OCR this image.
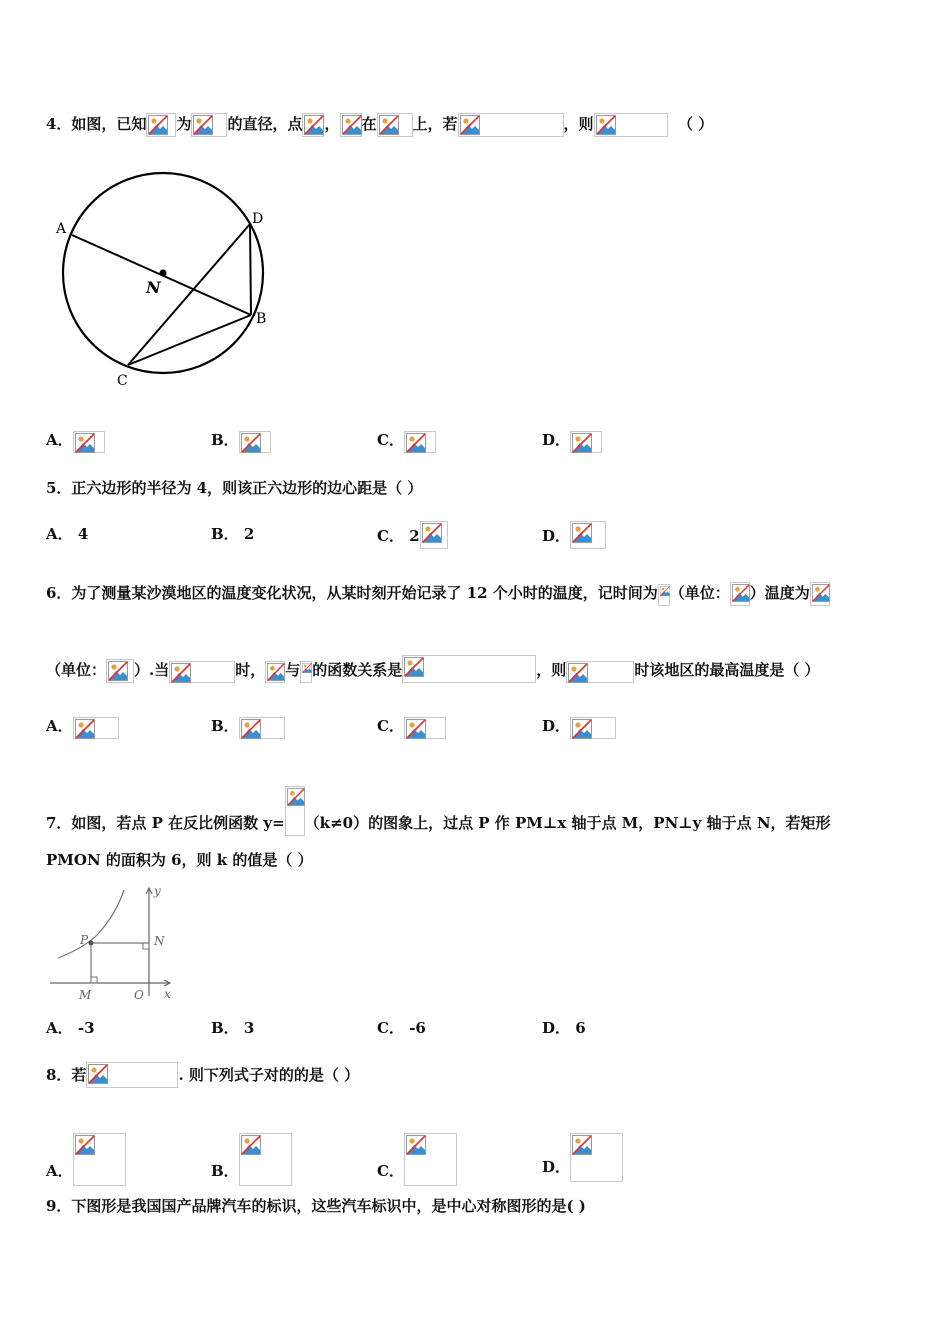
4．如图，已知 为 的直径，点 ， 在 上，若	，则	（ ）
A
D
B
C
N
A．	B．	C．	D．
5．正六边形的半径为 4，则该正六边形的边心距是（ ）
A． 4	B． 2	C． 2	D．
6．为了测量某沙漠地区的温度变化状况，从某时刻开始记录了 12 个小时的温度，记时间为 （单位： ）温度为
（单位： ）.当	时， 与 的函数关系是	，则	时该地区的最高温度是（ ）
A．	B．	C．	D．
7．如图，若点 P 在反比例函数 y= （k≠0）的图象上，过点 P 作 PM⊥x 轴于点 M，PN⊥y 轴于点 N，若矩形
PMON 的面积为 6，则 k 的值是（ ）
y
x
P	N
M	O
A． -3	B． 3	C． -6	D． 6
8．若	. 则下列式子对的的是（ ）
A．	B．	C．	D．
9．下图形是我国国产品牌汽车的标识，这些汽车标识中，是中心对称图形的是( )
